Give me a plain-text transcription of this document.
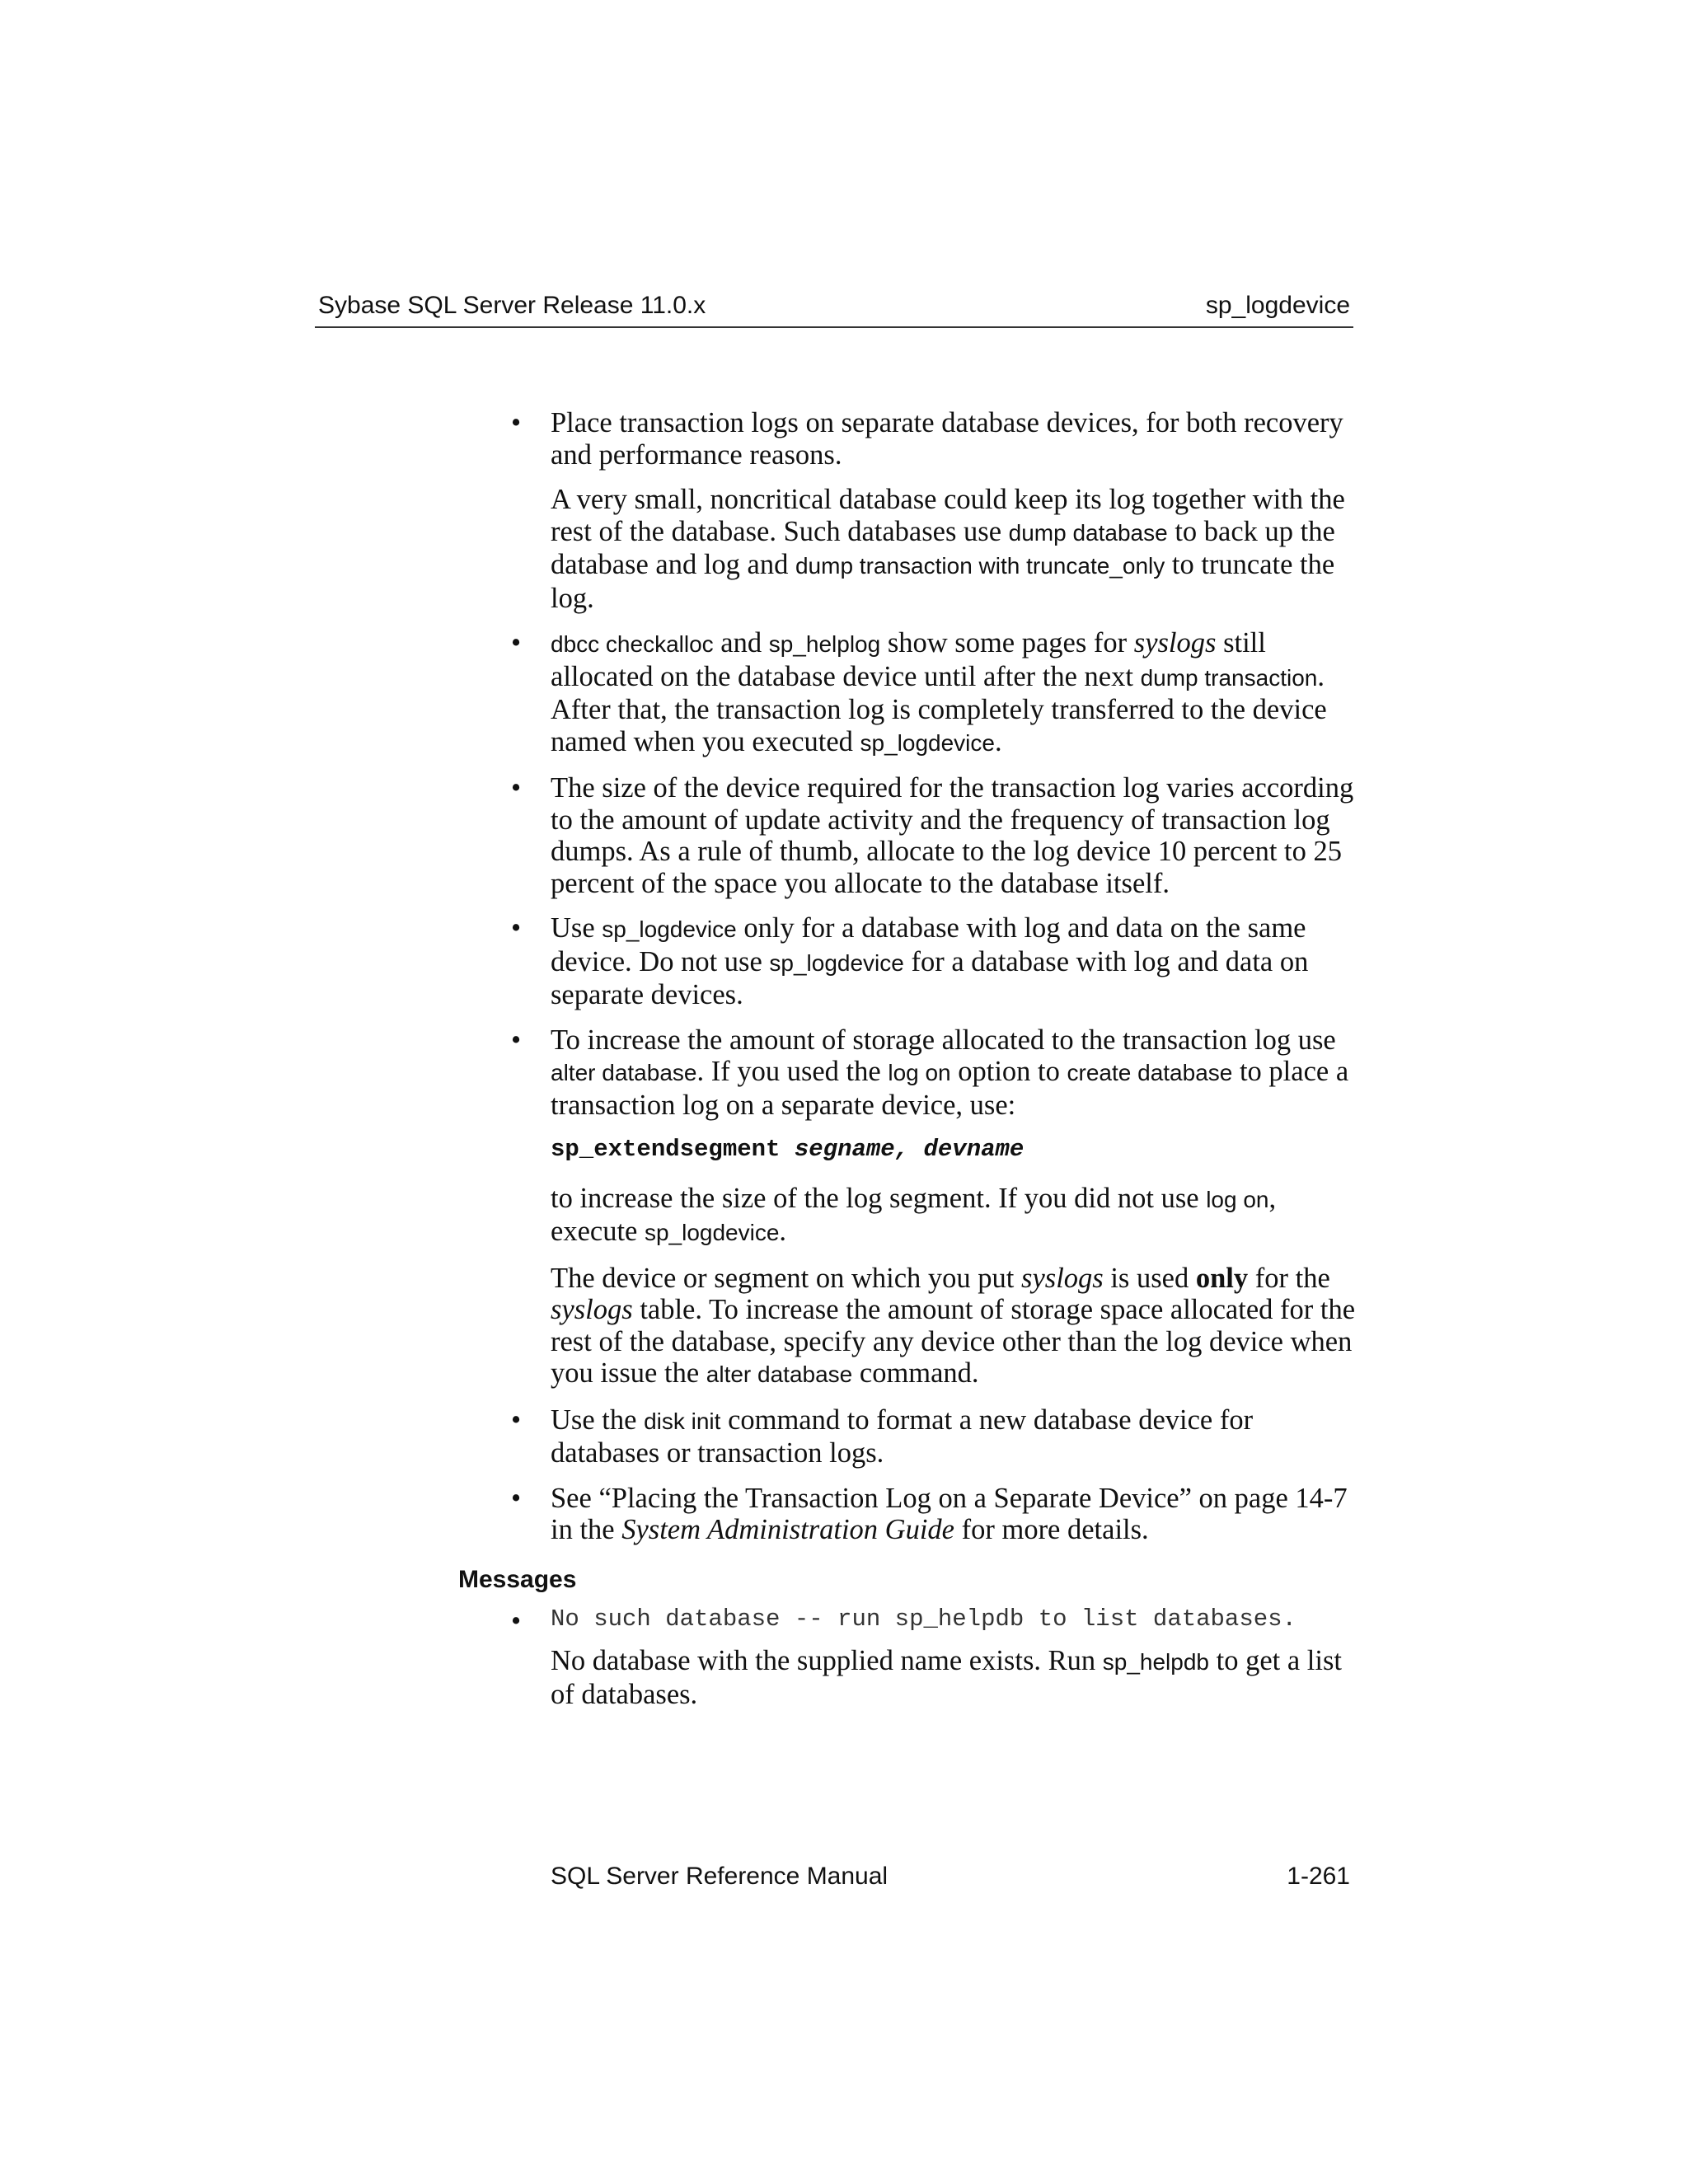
Sybase SQL Server Release 11.0.x	sp_logdevice
• Place transaction logs on separate database devices, for both recovery and performance reasons.

A very small, noncritical database could keep its log together with the rest of the database. Such databases use dump database to back up the database and log and dump transaction with truncate_only to truncate the log.

• dbcc checkalloc and sp_helplog show some pages for syslogs still allocated on the database device until after the next dump transaction. After that, the transaction log is completely transferred to the device named when you executed sp_logdevice.

• The size of the device required for the transaction log varies according to the amount of update activity and the frequency of transaction log dumps. As a rule of thumb, allocate to the log device 10 percent to 25 percent of the space you allocate to the database itself.

• Use sp_logdevice only for a database with log and data on the same device. Do not use sp_logdevice for a database with log and data on separate devices.

• To increase the amount of storage allocated to the transaction log use alter database. If you used the log on option to create database to place a transaction log on a separate device, use:

sp_extendsegment segname, devname

to increase the size of the log segment. If you did not use log on, execute sp_logdevice.

The device or segment on which you put syslogs is used only for the syslogs table. To increase the amount of storage space allocated for the rest of the database, specify any device other than the log device when you issue the alter database command.

• Use the disk init command to format a new database device for databases or transaction logs.

• See “Placing the Transaction Log on a Separate Device” on page 14-7 in the System Administration Guide for more details.

Messages
• No such database -- run sp_helpdb to list databases.

No database with the supplied name exists. Run sp_helpdb to get a list of databases.

SQL Server Reference Manual	1-261
